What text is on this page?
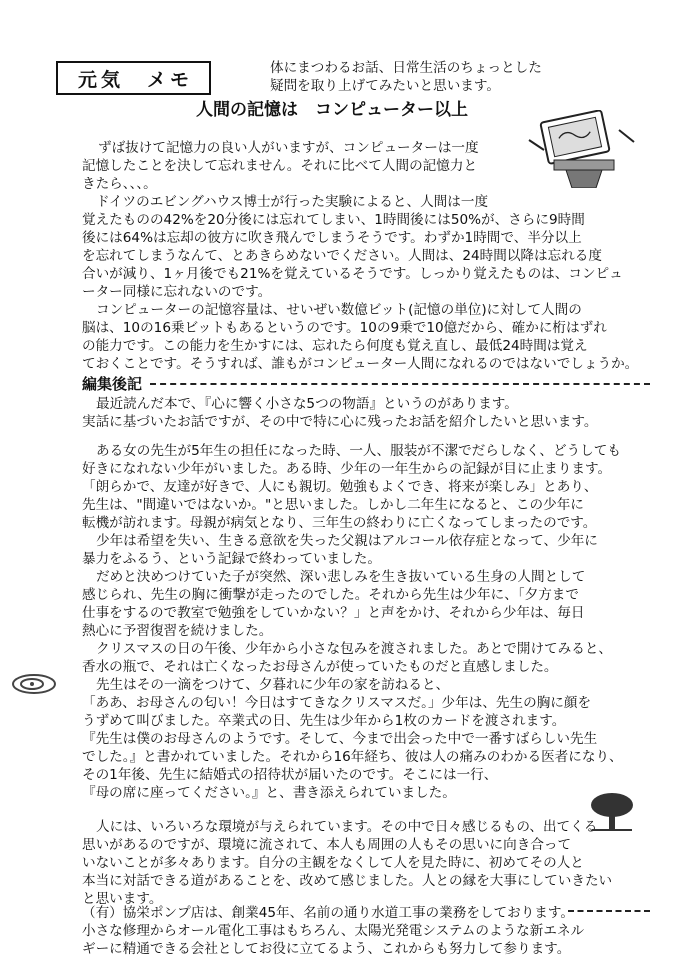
元気　メモ
体にまつわるお話、日常生活のちょっとした
疑問を取り上げてみたいと思います。
人間の記憶は　コンピューター以上
ずば抜けて記憶力の良い人がいますが、コンピューターは一度
記憶したことを決して忘れません。それに比べて人間の記憶力と
きたら、、、。
ドイツのエビングハウス博士が行った実験によると、人間は一度
覚えたものの42%を20分後には忘れてしまい、1時間後には50%が、さらに9時間
後には64%は忘却の彼方に吹き飛んでしまうそうです。わずか1時間で、半分以上
を忘れてしまうなんて、とあきらめないでください。人間は、24時間以降は忘れる度
合いが減り、1ヶ月後でも21%を覚えているそうです。しっかり覚えたものは、コンピュ
ーター同様に忘れないのです。
コンピューターの記憶容量は、せいぜい数億ビット(記憶の単位)に対して人間の
脳は、10の16乗ビットもあるというのです。10の9乗で10億だから、確かに桁はずれ
の能力です。この能力を生かすには、忘れたら何度も覚え直し、最低24時間は覚え
ておくことです。そうすれば、誰もがコンピューター人間になれるのではないでしょうか。
編集後記
最近読んだ本で、『心に響く小さな5つの物語』というのがあります。
実話に基づいたお話ですが、その中で特に心に残ったお話を紹介したいと思います。
ある女の先生が5年生の担任になった時、一人、服装が不潔でだらしなく、どうしても
好きになれない少年がいました。ある時、少年の一年生からの記録が目に止まります。
「朗らかで、友達が好きで、人にも親切。勉強もよくでき、将来が楽しみ」とあり、
先生は、"間違いではないか。"と思いました。しかし二年生になると、この少年に
転機が訪れます。母親が病気となり、三年生の終わりに亡くなってしまったのです。
少年は希望を失い、生きる意欲を失った父親はアルコール依存症となって、少年に
暴力をふるう、という記録で終わっていました。
だめと決めつけていた子が突然、深い悲しみを生き抜いている生身の人間として
感じられ、先生の胸に衝撃が走ったのでした。それから先生は少年に、「夕方まで
仕事をするので教室で勉強をしていかない？」と声をかけ、それから少年は、毎日
熱心に予習復習を続けました。
クリスマスの日の午後、少年から小さな包みを渡されました。あとで開けてみると、
香水の瓶で、それは亡くなったお母さんが使っていたものだと直感しました。
先生はその一滴をつけて、夕暮れに少年の家を訪ねると、
「ああ、お母さんの匂い！今日はすてきなクリスマスだ。」少年は、先生の胸に顔を
うずめて叫びました。卒業式の日、先生は少年から1枚のカードを渡されます。
『先生は僕のお母さんのようです。そして、今まで出会った中で一番すばらしい先生
でした。』と書かれていました。それから16年経ち、彼は人の痛みのわかる医者になり、
その1年後、先生に結婚式の招待状が届いたのです。そこには一行、
『母の席に座ってください。』と、書き添えられていました。
人には、いろいろな環境が与えられています。その中で日々感じるもの、出てくる
思いがあるのですが、環境に流されて、本人も周囲の人もその思いに向き合って
いないことが多々あります。自分の主観をなくして人を見た時に、初めてその人と
本当に対話できる道があることを、改めて感じました。人との縁を大事にしていきたい
と思います。
（有）協栄ポンプ店は、創業45年、名前の通り水道工事の業務をしております。
小さな修理からオール電化工事はもちろん、太陽光発電システムのような新エネル
ギーに精通できる会社としてお役に立てるよう、これからも努力して参ります。
